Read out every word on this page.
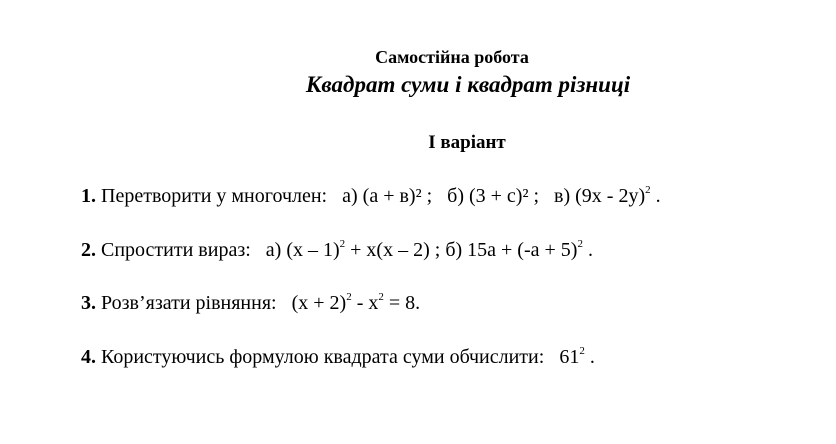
Самостійна робота
Квадрат суми і квадрат різниці
І варіант
1. Перетворити у многочлен: а) (а + в)² ; б) (3 + с)² ; в) (9х - 2у)$^2$ .
2. Спростити вираз: а) (х – 1)$^2$ + х(х – 2) ; б) $15а + (-а + 5)^2$ .
3. Розв’язати рівняння: $(х + 2)^2 - х^2 = 8$.
4. Користуючись формулою квадрата суми обчислити: $61^2$ .
